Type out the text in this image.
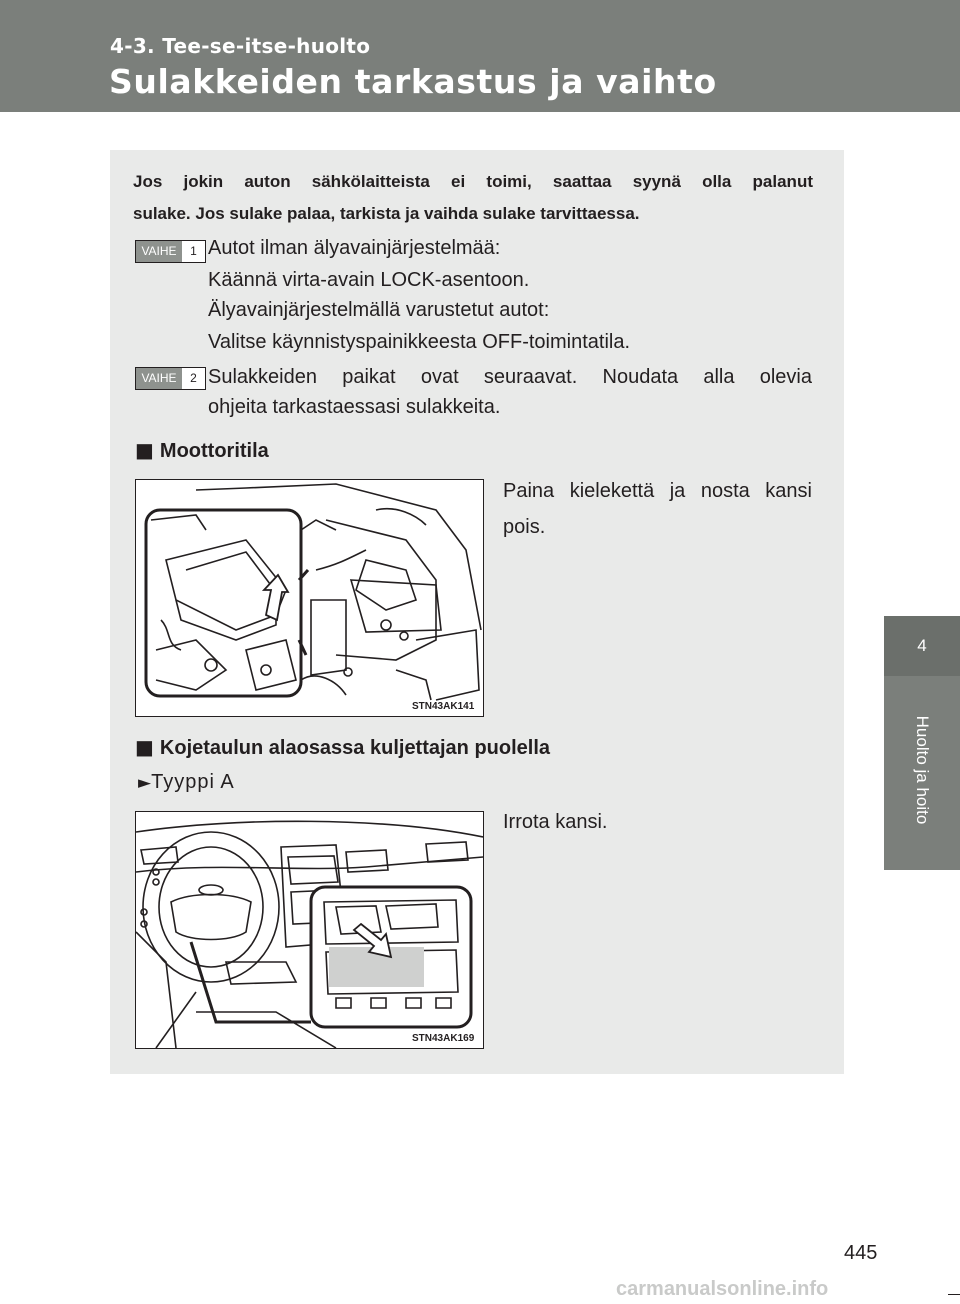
4-3. Tee-se-itse-huolto
Sulakkeiden tarkastus ja vaihto
4
Huolto ja hoito
Jos jokin auton sähkölaitteista ei toimi, saattaa syynä olla palanut
sulake. Jos sulake palaa, tarkista ja vaihda sulake tarvittaessa.
VAIHE	1 Autot ilman älyavainjärjestelmää:
Käännä virta-avain LOCK-asentoon.
Älyavainjärjestelmällä varustetut autot:
Valitse käynnistyspainikkeesta OFF-toimintatila.
VAIHE	2 Sulakkeiden paikat ovat seuraavat. Noudata alla olevia
ohjeita tarkastaessasi sulakkeita.
■ Moottoritila
Paina kielekettä ja nosta kansi
pois.
STN43AK141
■ Kojetaulun alaosassa kuljettajan puolella
►Tyyppi A
Irrota kansi.
STN43AK169
445
carmanualsonline.info
